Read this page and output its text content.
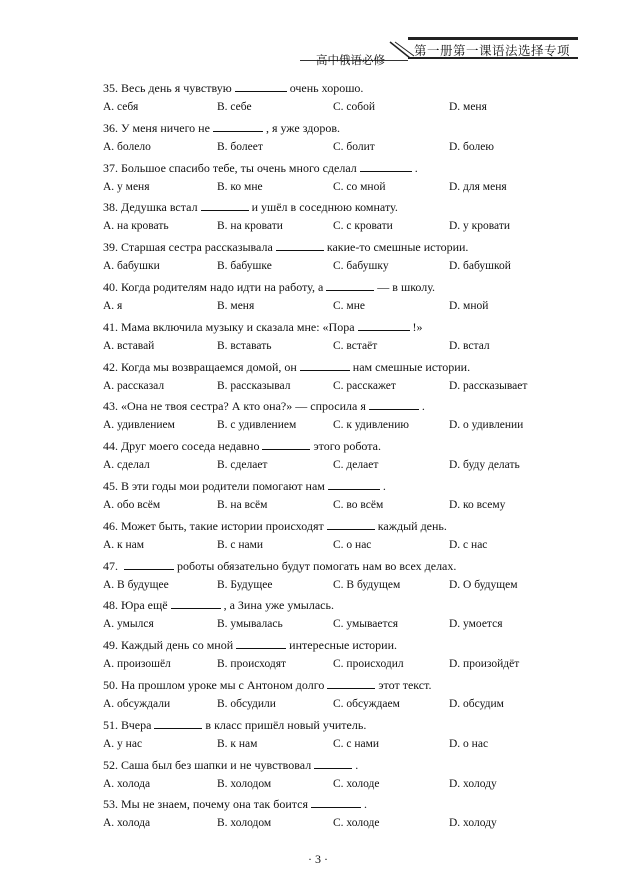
第一册第一课语法选择专项
高中俄语必修
35. Весь день я чувствую	очень хорошо.
A. себя	B. себе	C. собой	D. меня
36. У меня ничего не	, я уже здоров.
A. болело	B. болеет	C. болит	D. болею
37. Большое спасибо тебе, ты очень много сделал	.
A. у меня	B. ко мне	C. со мной	D. для меня
38. Дедушка встал	и ушёл в соседнюю комнату.
A. на кровать	B. на кровати	C. с кровати	D. у кровати
39. Старшая сестра рассказывала	какие-то смешные истории.
A. бабушки	B. бабушке	C. бабушку	D. бабушкой
40. Когда родителям надо идти на работу, а	— в школу.
A. я	B. меня	C. мне	D. мной
41. Мама включила музыку и сказала мне: «Пора	!»
A. вставай	B. вставать	C. встаёт	D. встал
42. Когда мы возвращаемся домой, он	нам смешные истории.
A. рассказал	B. рассказывал	C. расскажет	D. рассказывает
43. «Она не твоя сестра? А кто она?» — спросила я	.
A. удивлением	B. с удивлением	C. к удивлению	D. о удивлении
44. Друг моего соседа недавно	этого робота.
A. сделал	B. сделает	C. делает	D. буду делать
45. В эти годы мои родители помогают нам	.
A. обо всём	B. на всём	C. во всём	D. ко всему
46. Может быть, такие истории происходят	каждый день.
A. к нам	B. с нами	C. о нас	D. с нас
47.	роботы обязательно будут помогать нам во всех делах.
A. В будущее	B. Будущее	C. В будущем	D. О будущем
48. Юра ещё	, а Зина уже умылась.
A. умылся	B. умывалась	C. умывается	D. умоется
49. Каждый день со мной	интересные истории.
A. произошёл	B. происходят	C. происходил	D. произойдёт
50. На прошлом уроке мы с Антоном долго	этот текст.
A. обсуждали	B. обсудили	C. обсуждаем	D. обсудим
51. Вчера	в класс пришёл новый учитель.
A. у нас	B. к нам	C. с нами	D. о нас
52. Саша был без шапки и не чувствовал	.
A. холода	B. холодом	C. холоде	D. холоду
53. Мы не знаем, почему она так боится	.
A. холода	B. холодом	C. холоде	D. холоду
· 3 ·
